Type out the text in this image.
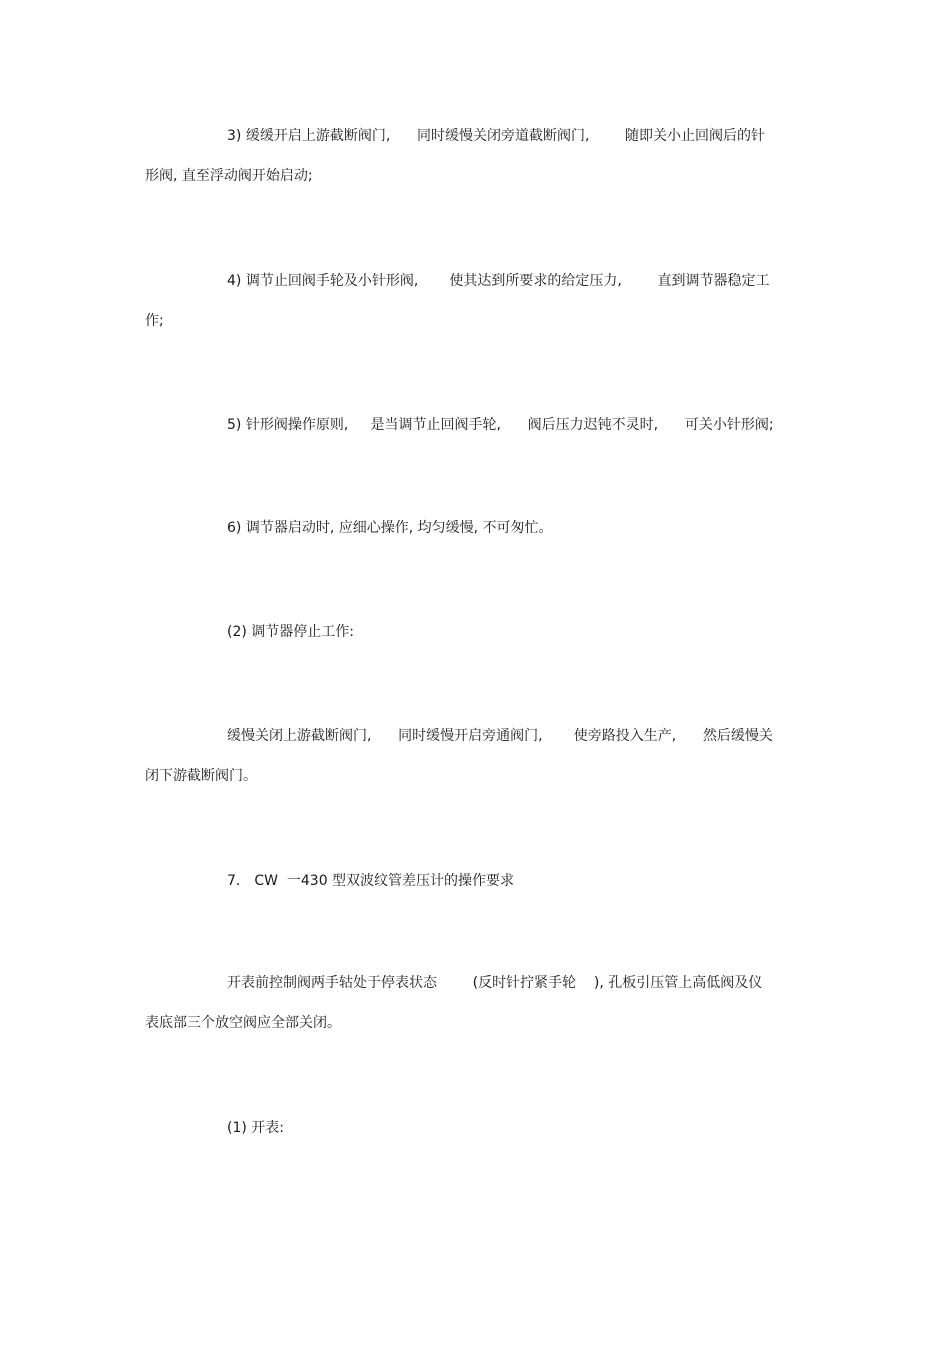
3) 缓缓开启上游截断阀门,      同时缓慢关闭旁道截断阀门,        随即关小止回阀后的针

形阀, 直至浮动阀开始启动;

4) 调节止回阀手轮及小针形阀,       使其达到所要求的给定压力,        直到调节器稳定工

作;

5) 针形阀操作原则,     是当调节止回阀手轮,      阀后压力迟钝不灵时,      可关小针形阀;

6) 调节器启动时, 应细心操作, 均匀缓慢, 不可匆忙。

(2) 调节器停止工作:

缓慢关闭上游截断阀门,      同时缓慢开启旁通阀门,       使旁路投入生产,      然后缓慢关

闭下游截断阀门。

7． CW  一430 型双波纹管差压计的操作要求

开表前控制阀两手轱处于停表状态        (反时针拧紧手轮    ), 孔板引压管上高低阀及仪

表底部三个放空阀应全部关闭。

(1) 开表:
